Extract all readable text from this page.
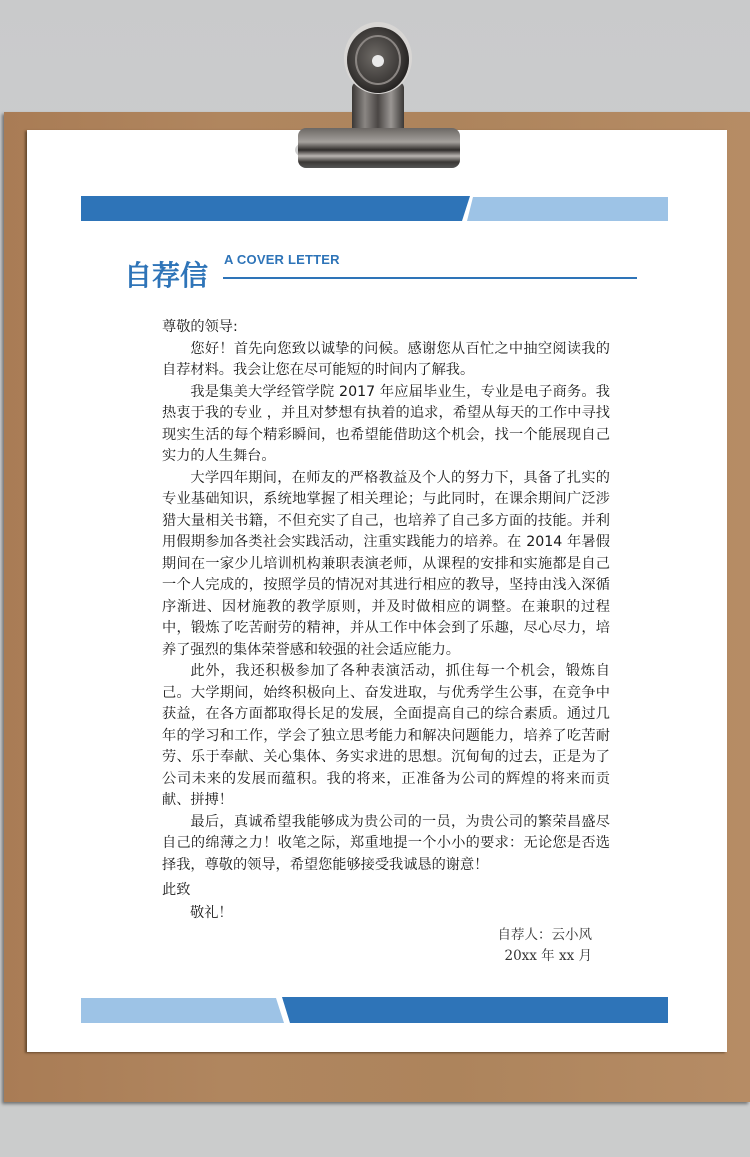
自荐信 A COVER LETTER

尊敬的领导:

您好！首先向您致以诚挚的问候。感谢您从百忙之中抽空阅读我的自荐材料。我会让您在尽可能短的时间内了解我。

我是集美大学经管学院 2017 年应届毕业生，专业是电子商务。我热衷于我的专业 ，并且对梦想有执着的追求，希望从每天的工作中寻找现实生活的每个精彩瞬间，也希望能借助这个机会，找一个能展现自己实力的人生舞台。

大学四年期间，在师友的严格教益及个人的努力下，具备了扎实的专业基础知识，系统地掌握了相关理论；与此同时，在课余期间广泛涉猎大量相关书籍，不但充实了自己，也培养了自己多方面的技能。并利用假期参加各类社会实践活动，注重实践能力的培养。在 2014 年暑假期间在一家少儿培训机构兼职表演老师，从课程的安排和实施都是自己一个人完成的，按照学员的情况对其进行相应的教导，坚持由浅入深循序渐进、因材施教的教学原则，并及时做相应的调整。在兼职的过程中，锻炼了吃苦耐劳的精神，并从工作中体会到了乐趣，尽心尽力，培养了强烈的集体荣誉感和较强的社会适应能力。

此外，我还积极参加了各种表演活动，抓住每一个机会，锻炼自己。大学期间，始终积极向上、奋发进取，与优秀学生公事，在竞争中获益，在各方面都取得长足的发展，全面提高自己的综合素质。通过几年的学习和工作，学会了独立思考能力和解决问题能力，培养了吃苦耐劳、乐于奉献、关心集体、务实求进的思想。沉甸甸的过去，正是为了公司未来的发展而蕴积。我的将来，正准备为公司的辉煌的将来而贡献、拼搏！

最后，真诚希望我能够成为贵公司的一员，为贵公司的繁荣昌盛尽自己的绵薄之力！收笔之际，郑重地提一个小小的要求：无论您是否选择我，尊敬的领导，希望您能够接受我诚恳的谢意！

此致
敬礼！
自荐人：云小风
20xx 年 xx 月
